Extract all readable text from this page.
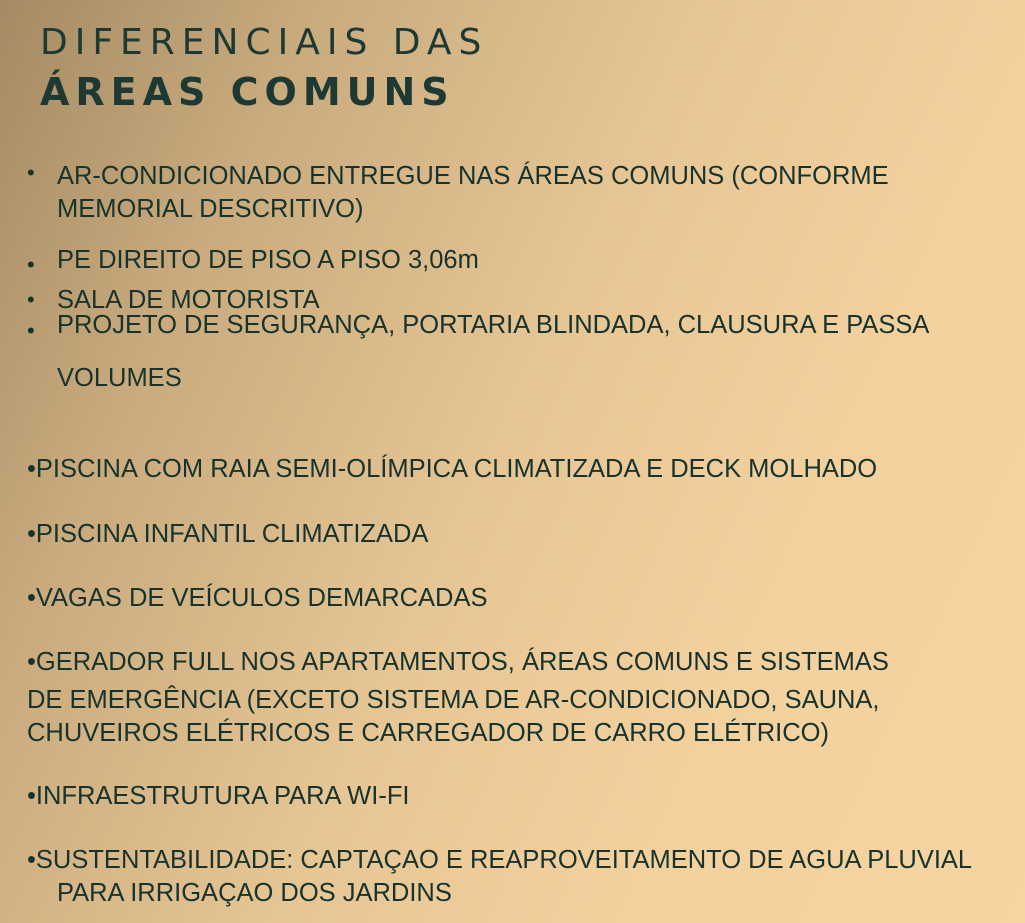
DIFERENCIAIS DAS
ÁREAS COMUNS
• AR-CONDICIONADO ENTREGUE NAS ÁREAS COMUNS (CONFORME
MEMORIAL DESCRITIVO)
• PE DIREITO DE PISO A PISO 3,06m
• SALA DE MOTORISTA
• PROJETO DE SEGURANÇA, PORTARIA BLINDADA, CLAUSURA E PASSA
VOLUMES
•PISCINA COM RAIA SEMI-OLÍMPICA CLIMATIZADA E DECK MOLHADO
•PISCINA INFANTIL CLIMATIZADA
•VAGAS DE VEÍCULOS DEMARCADAS
•GERADOR FULL NOS APARTAMENTOS, ÁREAS COMUNS E SISTEMAS
DE EMERGÊNCIA (EXCETO SISTEMA DE AR-CONDICIONADO, SAUNA,
CHUVEIROS ELÉTRICOS E CARREGADOR DE CARRO ELÉTRICO)
•INFRAESTRUTURA PARA WI-FI
•SUSTENTABILIDADE: CAPTAÇAO E REAPROVEITAMENTO DE AGUA PLUVIAL
PARA IRRIGAÇAO DOS JARDINS
